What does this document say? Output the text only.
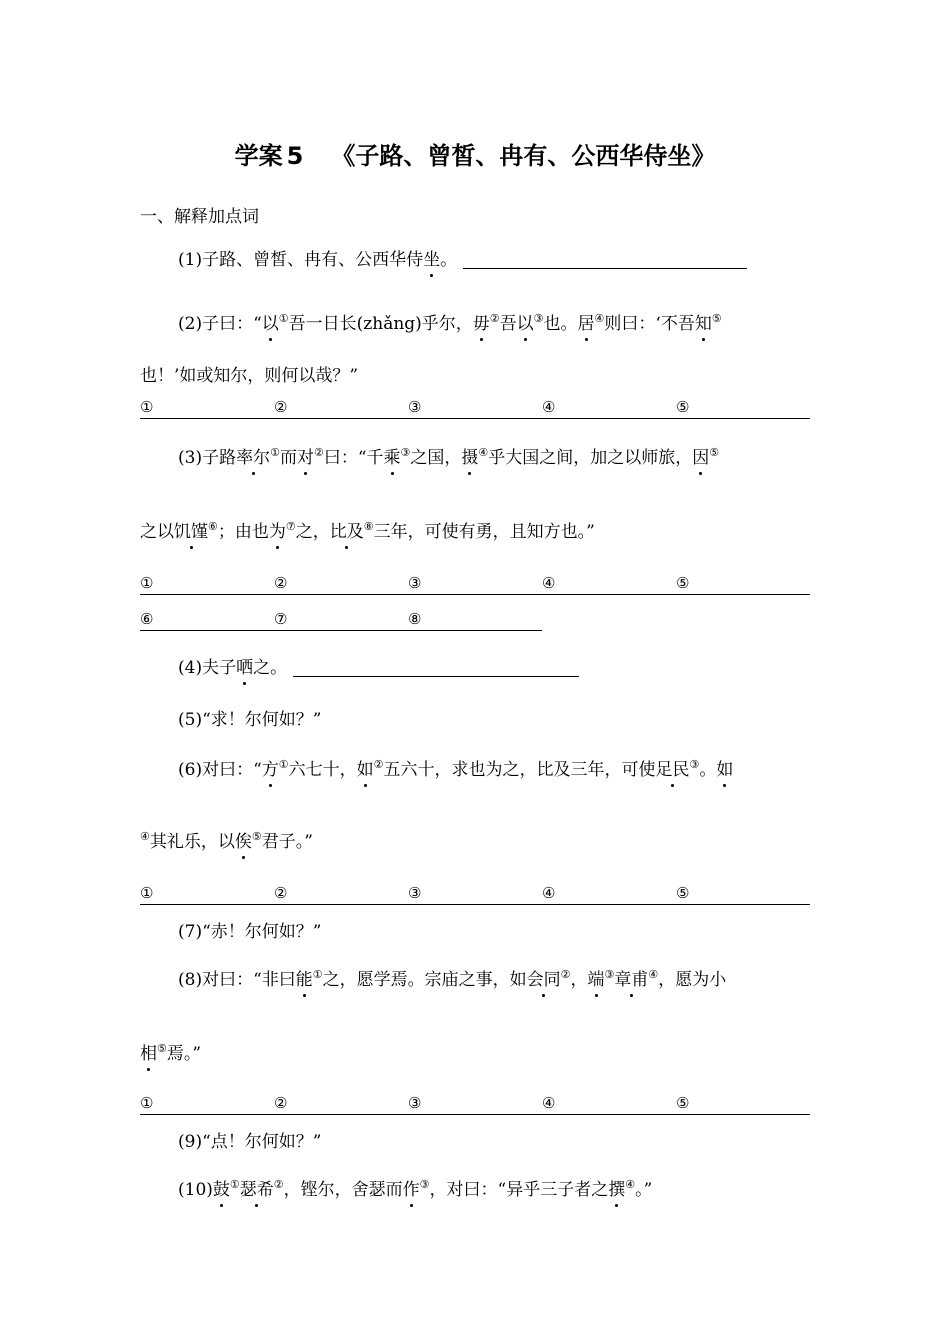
学案 5 《子路、曾皙、冉有、公西华侍坐》
一、解释加点词
(1)子路、曾皙、冉有、公西华侍坐。
(2)子曰：“以①吾一日长(zhǎng)乎尔，毋②吾以③也。居④则曰：‘不吾知⑤
也！’如或知尔，则何以哉？”
①	②	③	④	⑤
(3)子路率尔①而对②曰：“千乘③之国，摄④乎大国之间，加之以师旅，因⑤
之以饥馑⑥；由也为⑦之，比及⑧三年，可使有勇，且知方也。”
①	②	③	④	⑤
⑥	⑦	⑧
(4)夫子哂之。
(5)“求！尔何如？”
(6)对曰：“方①六七十，如②五六十，求也为之，比及三年，可使足民③。如
④其礼乐，以俟⑤君子。”
①	②	③	④	⑤
(7)“赤！尔何如？”
(8)对曰：“非曰能①之，愿学焉。宗庙之事，如会同②，端③章甫④，愿为小
相⑤焉。”
①	②	③	④	⑤
(9)“点！尔何如？”
(10)鼓①瑟希②，铿尔，舍瑟而作③，对曰：“异乎三子者之撰④。”
